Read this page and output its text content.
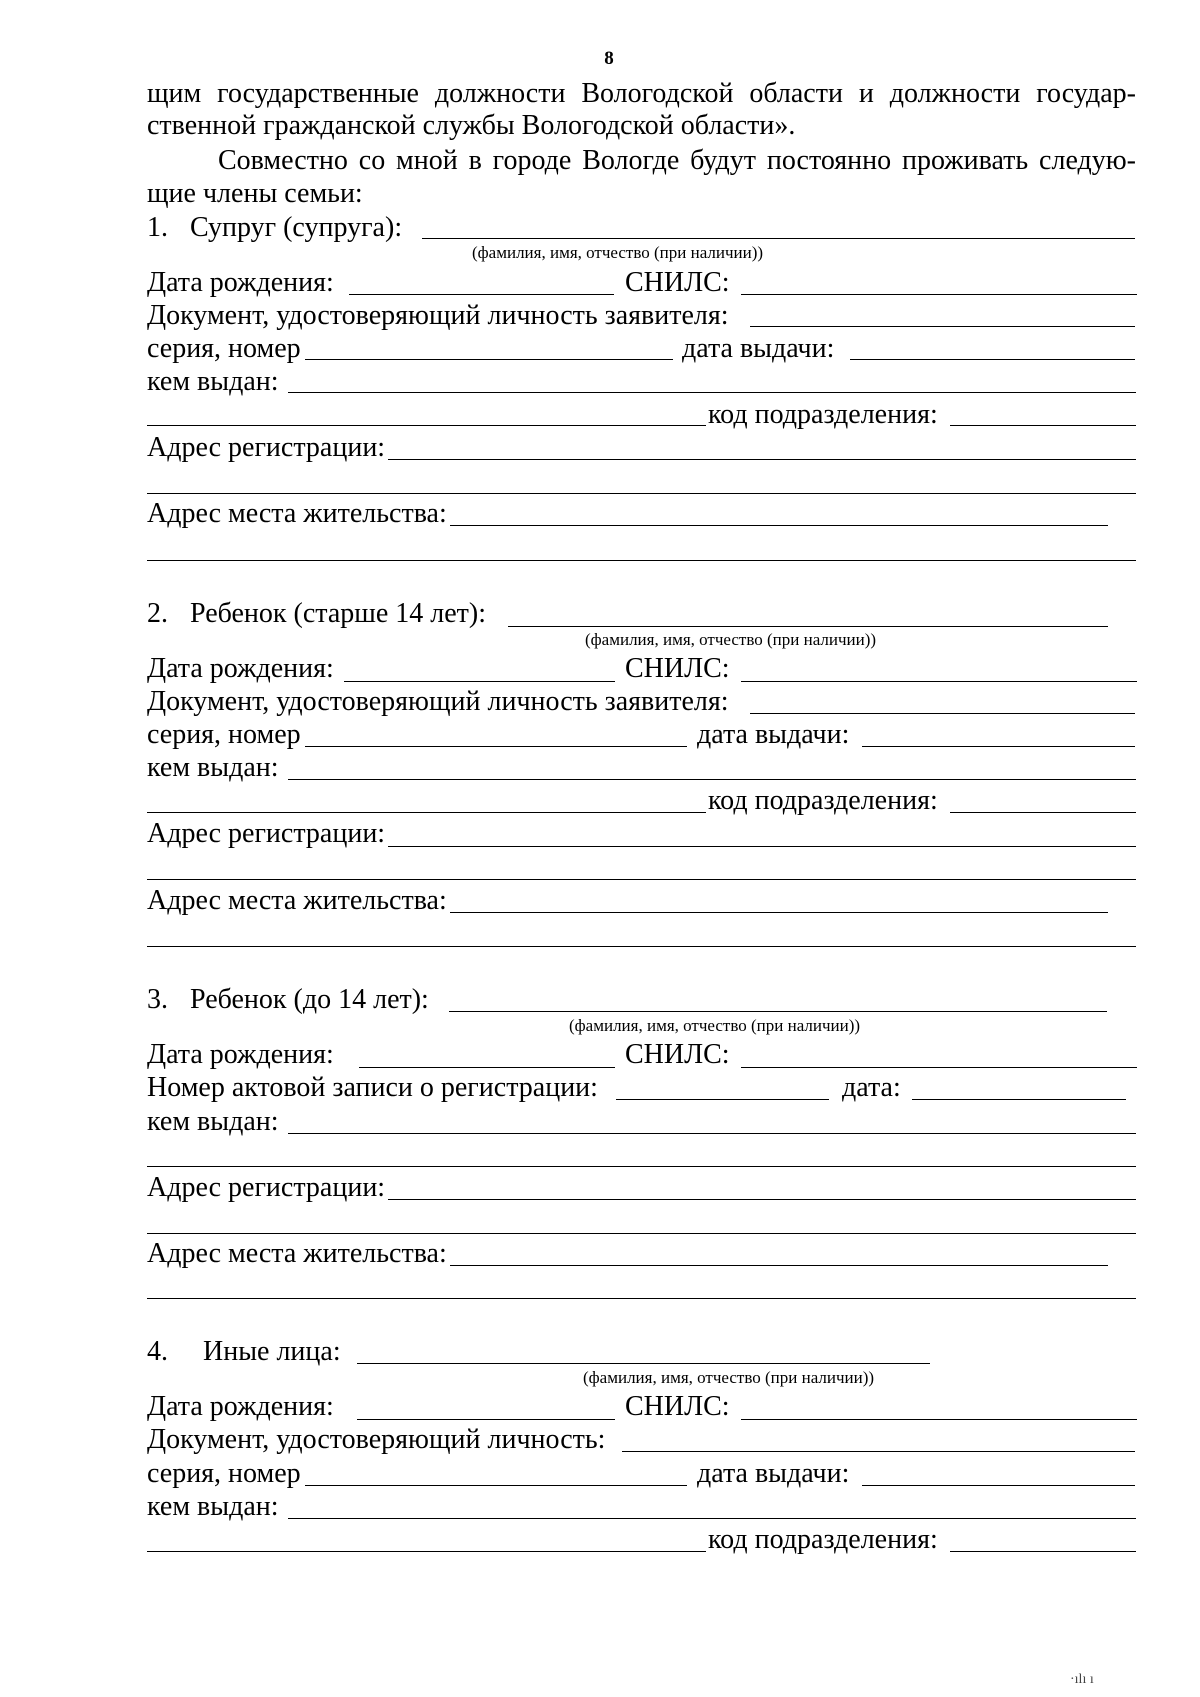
8
щим государственные должности Вологодской области и должности государ-
ственной гражданской службы Вологодской области».
Совместно со мной в городе Вологде будут постоянно проживать следую-
щие члены семьи:
1. Супруг (супруга):
(фамилия, имя, отчество (при наличии))
Дата рождения:	СНИЛС:
Документ, удостоверяющий личность заявителя:
серия, номер	дата выдачи:
кем выдан:
код подразделения:
Адрес регистрации:
Адрес места жительства:
2. Ребенок (старше 14 лет):
(фамилия, имя, отчество (при наличии))
Дата рождения:	СНИЛС:
Документ, удостоверяющий личность заявителя:
серия, номер	дата выдачи:
кем выдан:
код подразделения:
Адрес регистрации:
Адрес места жительства:
3. Ребенок (до 14 лет):
(фамилия, имя, отчество (при наличии))
Дата рождения:	СНИЛС:
Номер актовой записи о регистрации:	дата:
кем выдан:
Адрес регистрации:
Адрес места жительства:
4. Иные лица:
(фамилия, имя, отчество (при наличии))
Дата рождения:	СНИЛС:
Документ, удостоверяющий личность:
серия, номер	дата выдачи:
кем выдан:
код подразделения:
·ılı ı
